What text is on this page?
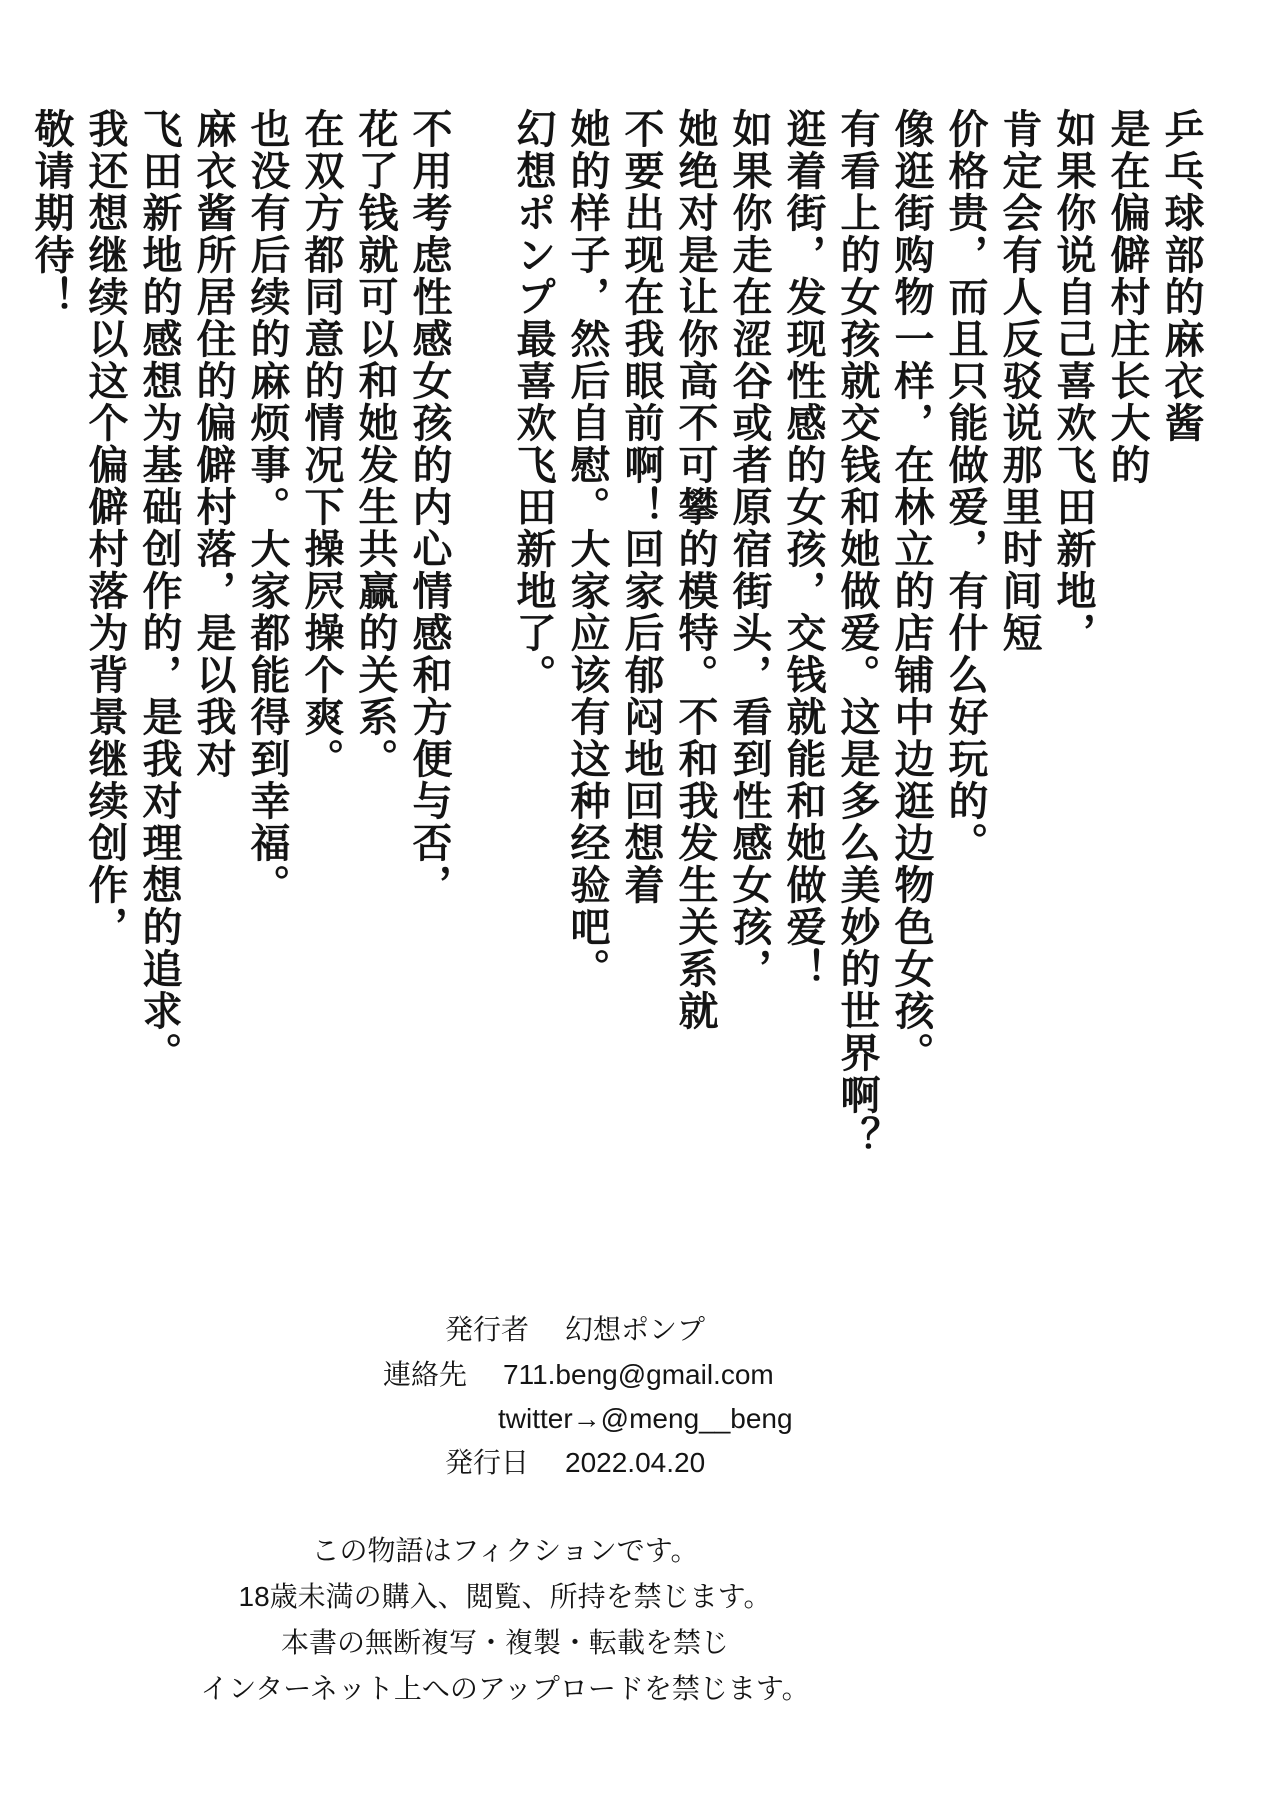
乒乓球部的麻衣酱

是在偏僻村庄长大的

如果你说自己喜欢飞田新地，

肯定会有人反驳说那里时间短

价格贵，而且只能做爱，有什么好玩的。

像逛街购物一样，在林立的店铺中边逛边物色女孩。

有看上的女孩就交钱和她做爱。这是多么美妙的世界啊？

逛着街，发现性感的女孩，交钱就能和她做爱！

如果你走在涩谷或者原宿街头，看到性感女孩，

她绝对是让你高不可攀的模特。不和我发生关系就

不要出现在我眼前啊！回家后郁闷地回想着

她的样子，然后自慰。大家应该有这种经验吧。

幻想ポンプ最喜欢飞田新地了。

不用考虑性感女孩的内心情感和方便与否，

花了钱就可以和她发生共赢的关系。

在双方都同意的情况下操屄操个爽。

也没有后续的麻烦事。大家都能得到幸福。

麻衣酱所居住的偏僻村落，是以我对

飞田新地的感想为基础创作的，是我对理想的追求。

我还想继续以这个偏僻村落为背景继续创作，

敬请期待！

発行者 幻想ポンプ
連絡先 711.beng@gmail.com
twitter→@meng__beng
発行日 2022.04.20

この物語はフィクションです。

18歳未満の購入、閲覧、所持を禁じます。

本書の無断複写・複製・転載を禁じ

インターネット上へのアップロードを禁じます。
